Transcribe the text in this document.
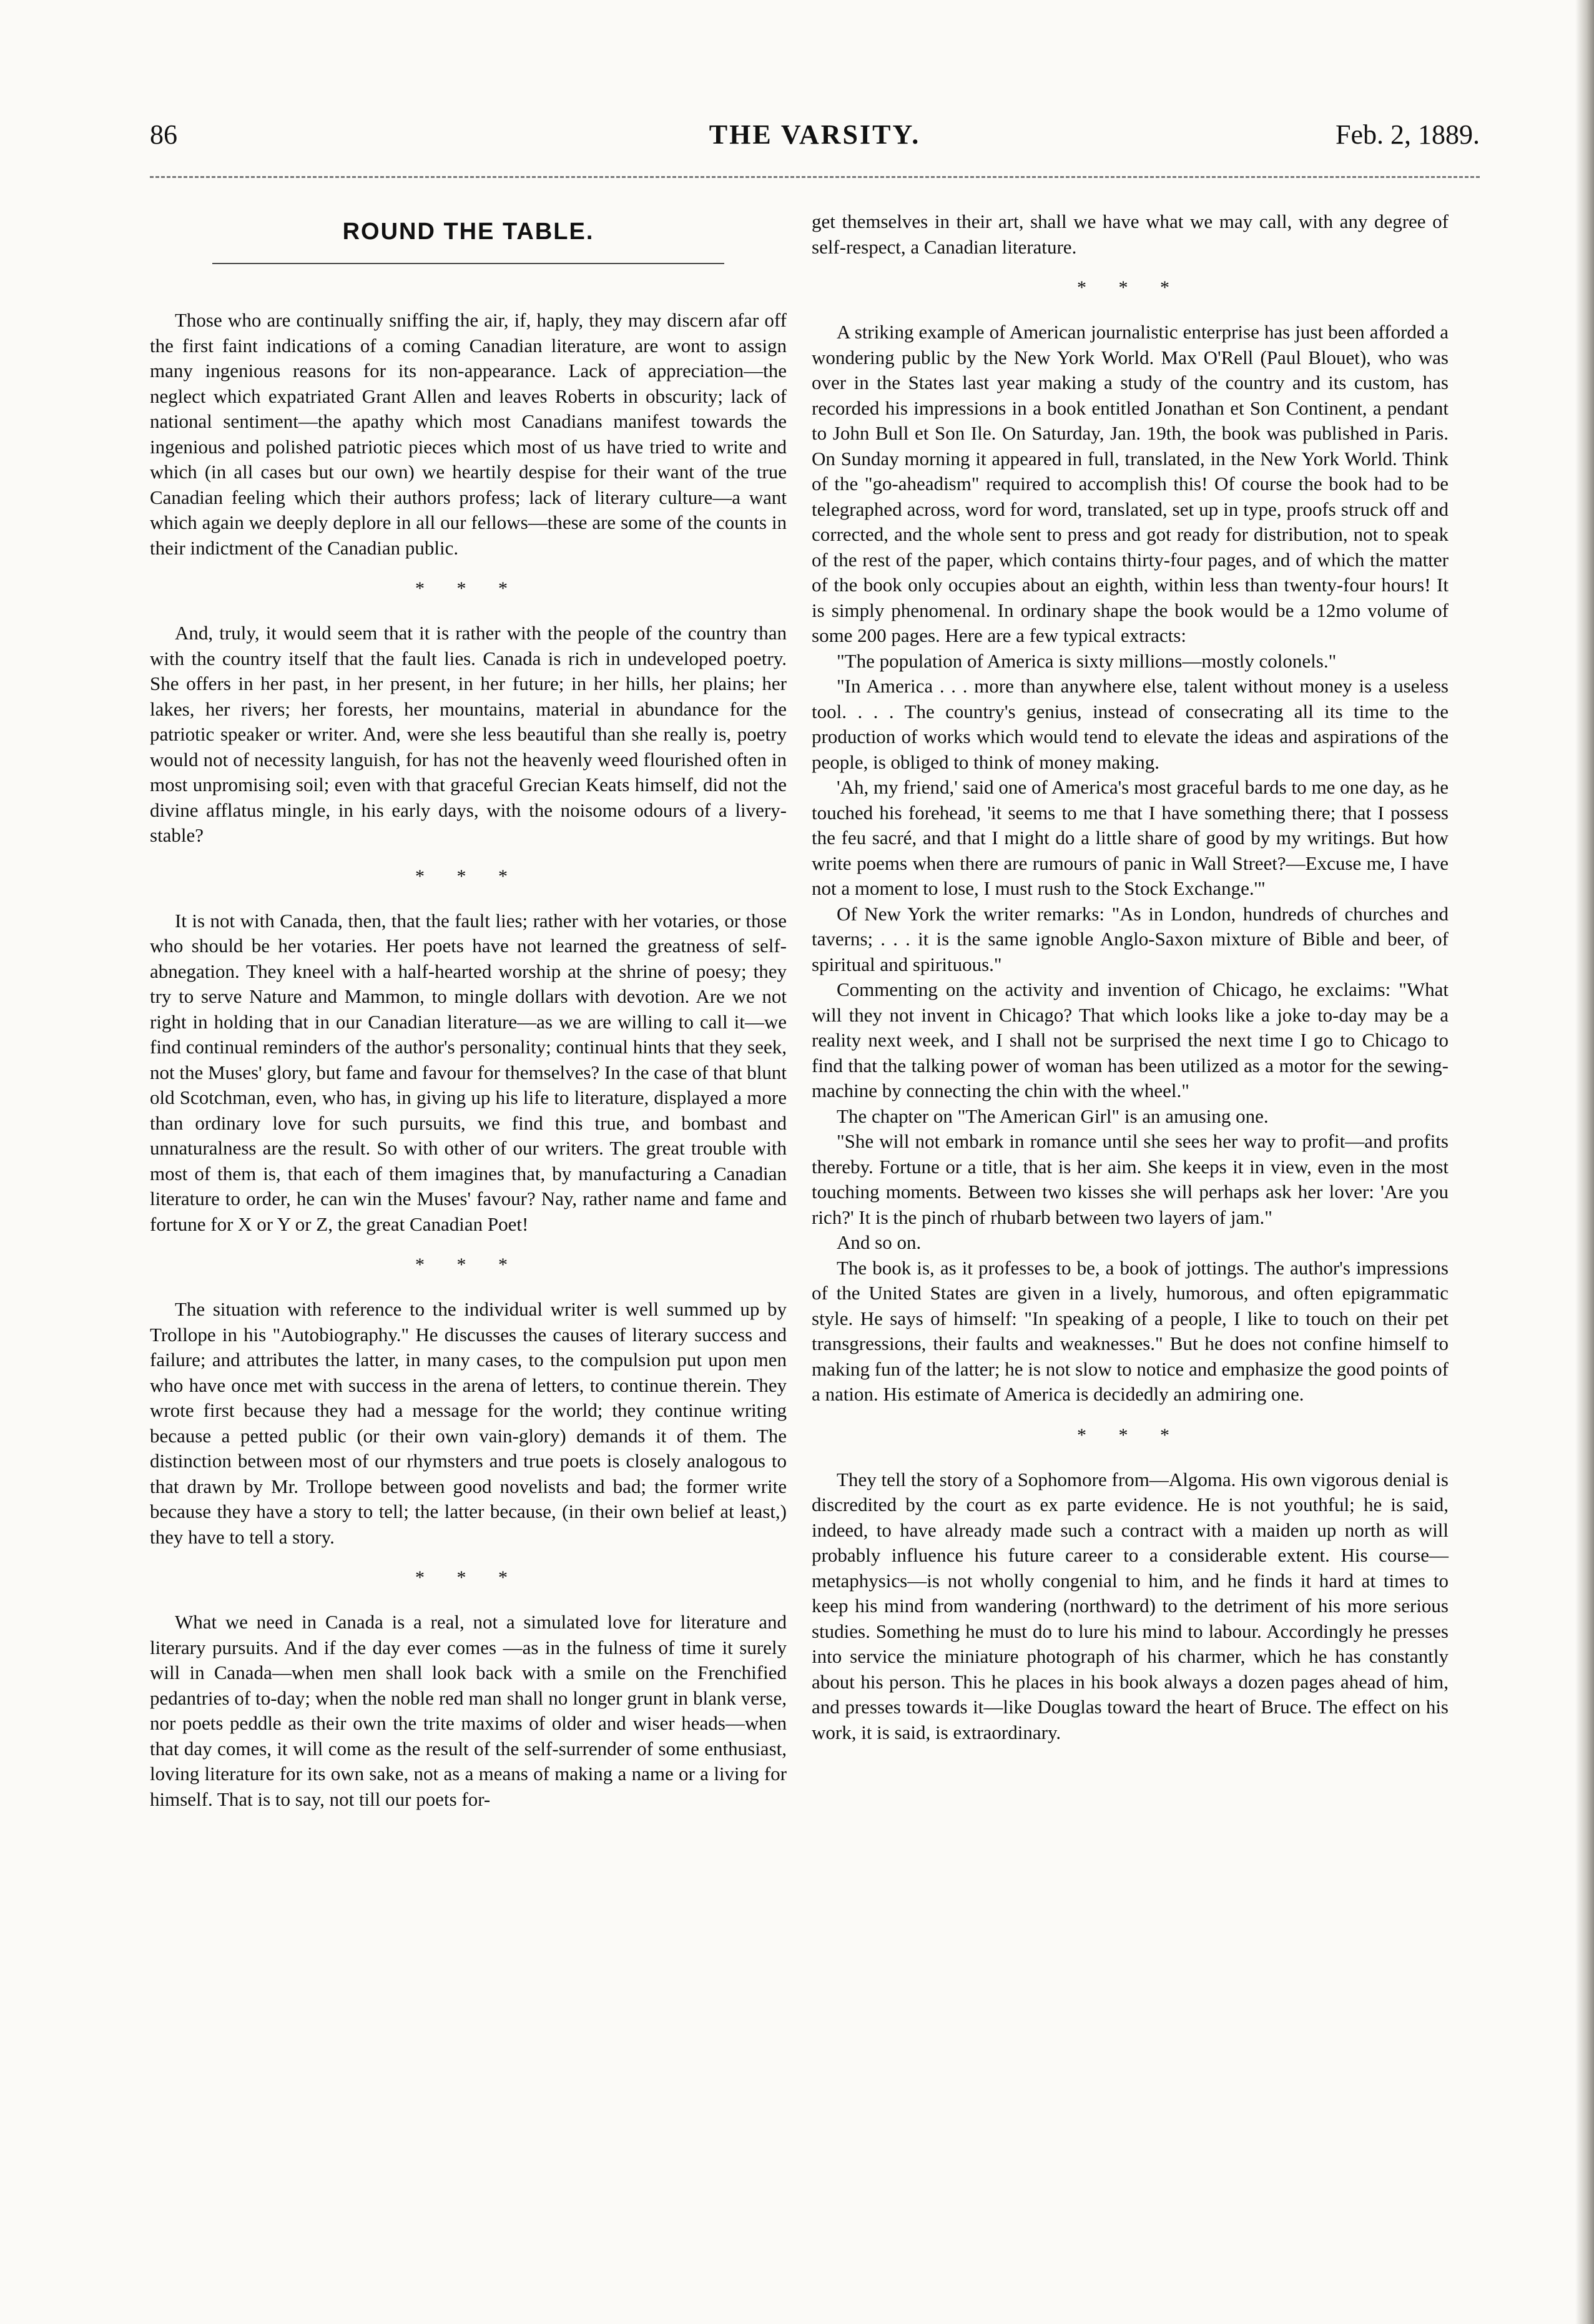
86	THE VARSITY.	Feb. 2, 1889.
ROUND THE TABLE.

Those who are continually sniffing the air, if, haply, they may discern afar off the first faint indications of a coming Canadian literature, are wont to assign many ingenious reasons for its non-appearance. Lack of appreciation—the neglect which expatriated Grant Allen and leaves Roberts in obscurity; lack of national sentiment—the apathy which most Canadians manifest towards the ingenious and polished patriotic pieces which most of us have tried to write and which (in all cases but our own) we heartily despise for their want of the true Canadian feeling which their authors profess; lack of literary culture—a want which again we deeply deplore in all our fellows—these are some of the counts in their indictment of the Canadian public.

* * *

And, truly, it would seem that it is rather with the people of the country than with the country itself that the fault lies. Canada is rich in undeveloped poetry. She offers in her past, in her present, in her future; in her hills, her plains; her lakes, her rivers; her forests, her mountains, material in abundance for the patriotic speaker or writer. And, were she less beautiful than she really is, poetry would not of necessity languish, for has not the heavenly weed flourished often in most unpromising soil; even with that graceful Grecian Keats himself, did not the divine afflatus mingle, in his early days, with the noisome odours of a livery-stable?

* * *

It is not with Canada, then, that the fault lies; rather with her votaries, or those who should be her votaries. Her poets have not learned the greatness of self-abnegation. They kneel with a half-hearted worship at the shrine of poesy; they try to serve Nature and Mammon, to mingle dollars with devotion. Are we not right in holding that in our Canadian literature—as we are willing to call it—we find continual reminders of the author's personality; continual hints that they seek, not the Muses' glory, but fame and favour for themselves? In the case of that blunt old Scotchman, even, who has, in giving up his life to literature, displayed a more than ordinary love for such pursuits, we find this true, and bombast and unnaturalness are the result. So with other of our writers. The great trouble with most of them is, that each of them imagines that, by manufacturing a Canadian literature to order, he can win the Muses' favour? Nay, rather name and fame and fortune for X or Y or Z, the great Canadian Poet!

* * *

The situation with reference to the individual writer is well summed up by Trollope in his "Autobiography." He discusses the causes of literary success and failure; and attributes the latter, in many cases, to the compulsion put upon men who have once met with success in the arena of letters, to continue therein. They wrote first because they had a message for the world; they continue writing because a petted public (or their own vain-glory) demands it of them. The distinction between most of our rhymsters and true poets is closely analogous to that drawn by Mr. Trollope between good novelists and bad; the former write because they have a story to tell; the latter because, (in their own belief at least,) they have to tell a story.

* * *

What we need in Canada is a real, not a simulated love for literature and literary pursuits. And if the day ever comes —as in the fulness of time it surely will in Canada—when men shall look back with a smile on the Frenchified pedantries of to-day; when the noble red man shall no longer grunt in blank verse, nor poets peddle as their own the trite maxims of older and wiser heads—when that day comes, it will come as the result of the self-surrender of some enthusiast, loving literature for its own sake, not as a means of making a name or a living for himself. That is to say, not till our poets for-

get themselves in their art, shall we have what we may call, with any degree of self-respect, a Canadian literature.

* * *

A striking example of American journalistic enterprise has just been afforded a wondering public by the New York World. Max O'Rell (Paul Blouet), who was over in the States last year making a study of the country and its custom, has recorded his impressions in a book entitled Jonathan et Son Continent, a pendant to John Bull et Son Ile. On Saturday, Jan. 19th, the book was published in Paris. On Sunday morning it appeared in full, translated, in the New York World. Think of the "go-aheadism" required to accomplish this! Of course the book had to be telegraphed across, word for word, translated, set up in type, proofs struck off and corrected, and the whole sent to press and got ready for distribution, not to speak of the rest of the paper, which contains thirty-four pages, and of which the matter of the book only occupies about an eighth, within less than twenty-four hours! It is simply phenomenal. In ordinary shape the book would be a 12mo volume of some 200 pages. Here are a few typical extracts:

"The population of America is sixty millions—mostly colonels."

"In America . . . more than anywhere else, talent without money is a useless tool. . . . The country's genius, instead of consecrating all its time to the production of works which would tend to elevate the ideas and aspirations of the people, is obliged to think of money making.

'Ah, my friend,' said one of America's most graceful bards to me one day, as he touched his forehead, 'it seems to me that I have something there; that I possess the feu sacré, and that I might do a little share of good by my writings. But how write poems when there are rumours of panic in Wall Street?—Excuse me, I have not a moment to lose, I must rush to the Stock Exchange.'"

Of New York the writer remarks: "As in London, hundreds of churches and taverns; . . . it is the same ignoble Anglo-Saxon mixture of Bible and beer, of spiritual and spirituous."

Commenting on the activity and invention of Chicago, he exclaims: "What will they not invent in Chicago? That which looks like a joke to-day may be a reality next week, and I shall not be surprised the next time I go to Chicago to find that the talking power of woman has been utilized as a motor for the sewing-machine by connecting the chin with the wheel."

The chapter on "The American Girl" is an amusing one.

"She will not embark in romance until she sees her way to profit—and profits thereby. Fortune or a title, that is her aim. She keeps it in view, even in the most touching moments. Between two kisses she will perhaps ask her lover: 'Are you rich?' It is the pinch of rhubarb between two layers of jam."

And so on.

The book is, as it professes to be, a book of jottings. The author's impressions of the United States are given in a lively, humorous, and often epigrammatic style. He says of himself: "In speaking of a people, I like to touch on their pet transgressions, their faults and weaknesses." But he does not confine himself to making fun of the latter; he is not slow to notice and emphasize the good points of a nation. His estimate of America is decidedly an admiring one.

* * *

They tell the story of a Sophomore from—Algoma. His own vigorous denial is discredited by the court as ex parte evidence. He is not youthful; he is said, indeed, to have already made such a contract with a maiden up north as will probably influence his future career to a considerable extent. His course—metaphysics—is not wholly congenial to him, and he finds it hard at times to keep his mind from wandering (northward) to the detriment of his more serious studies. Something he must do to lure his mind to labour. Accordingly he presses into service the miniature photograph of his charmer, which he has constantly about his person. This he places in his book always a dozen pages ahead of him, and presses towards it—like Douglas toward the heart of Bruce. The effect on his work, it is said, is extraordinary.
